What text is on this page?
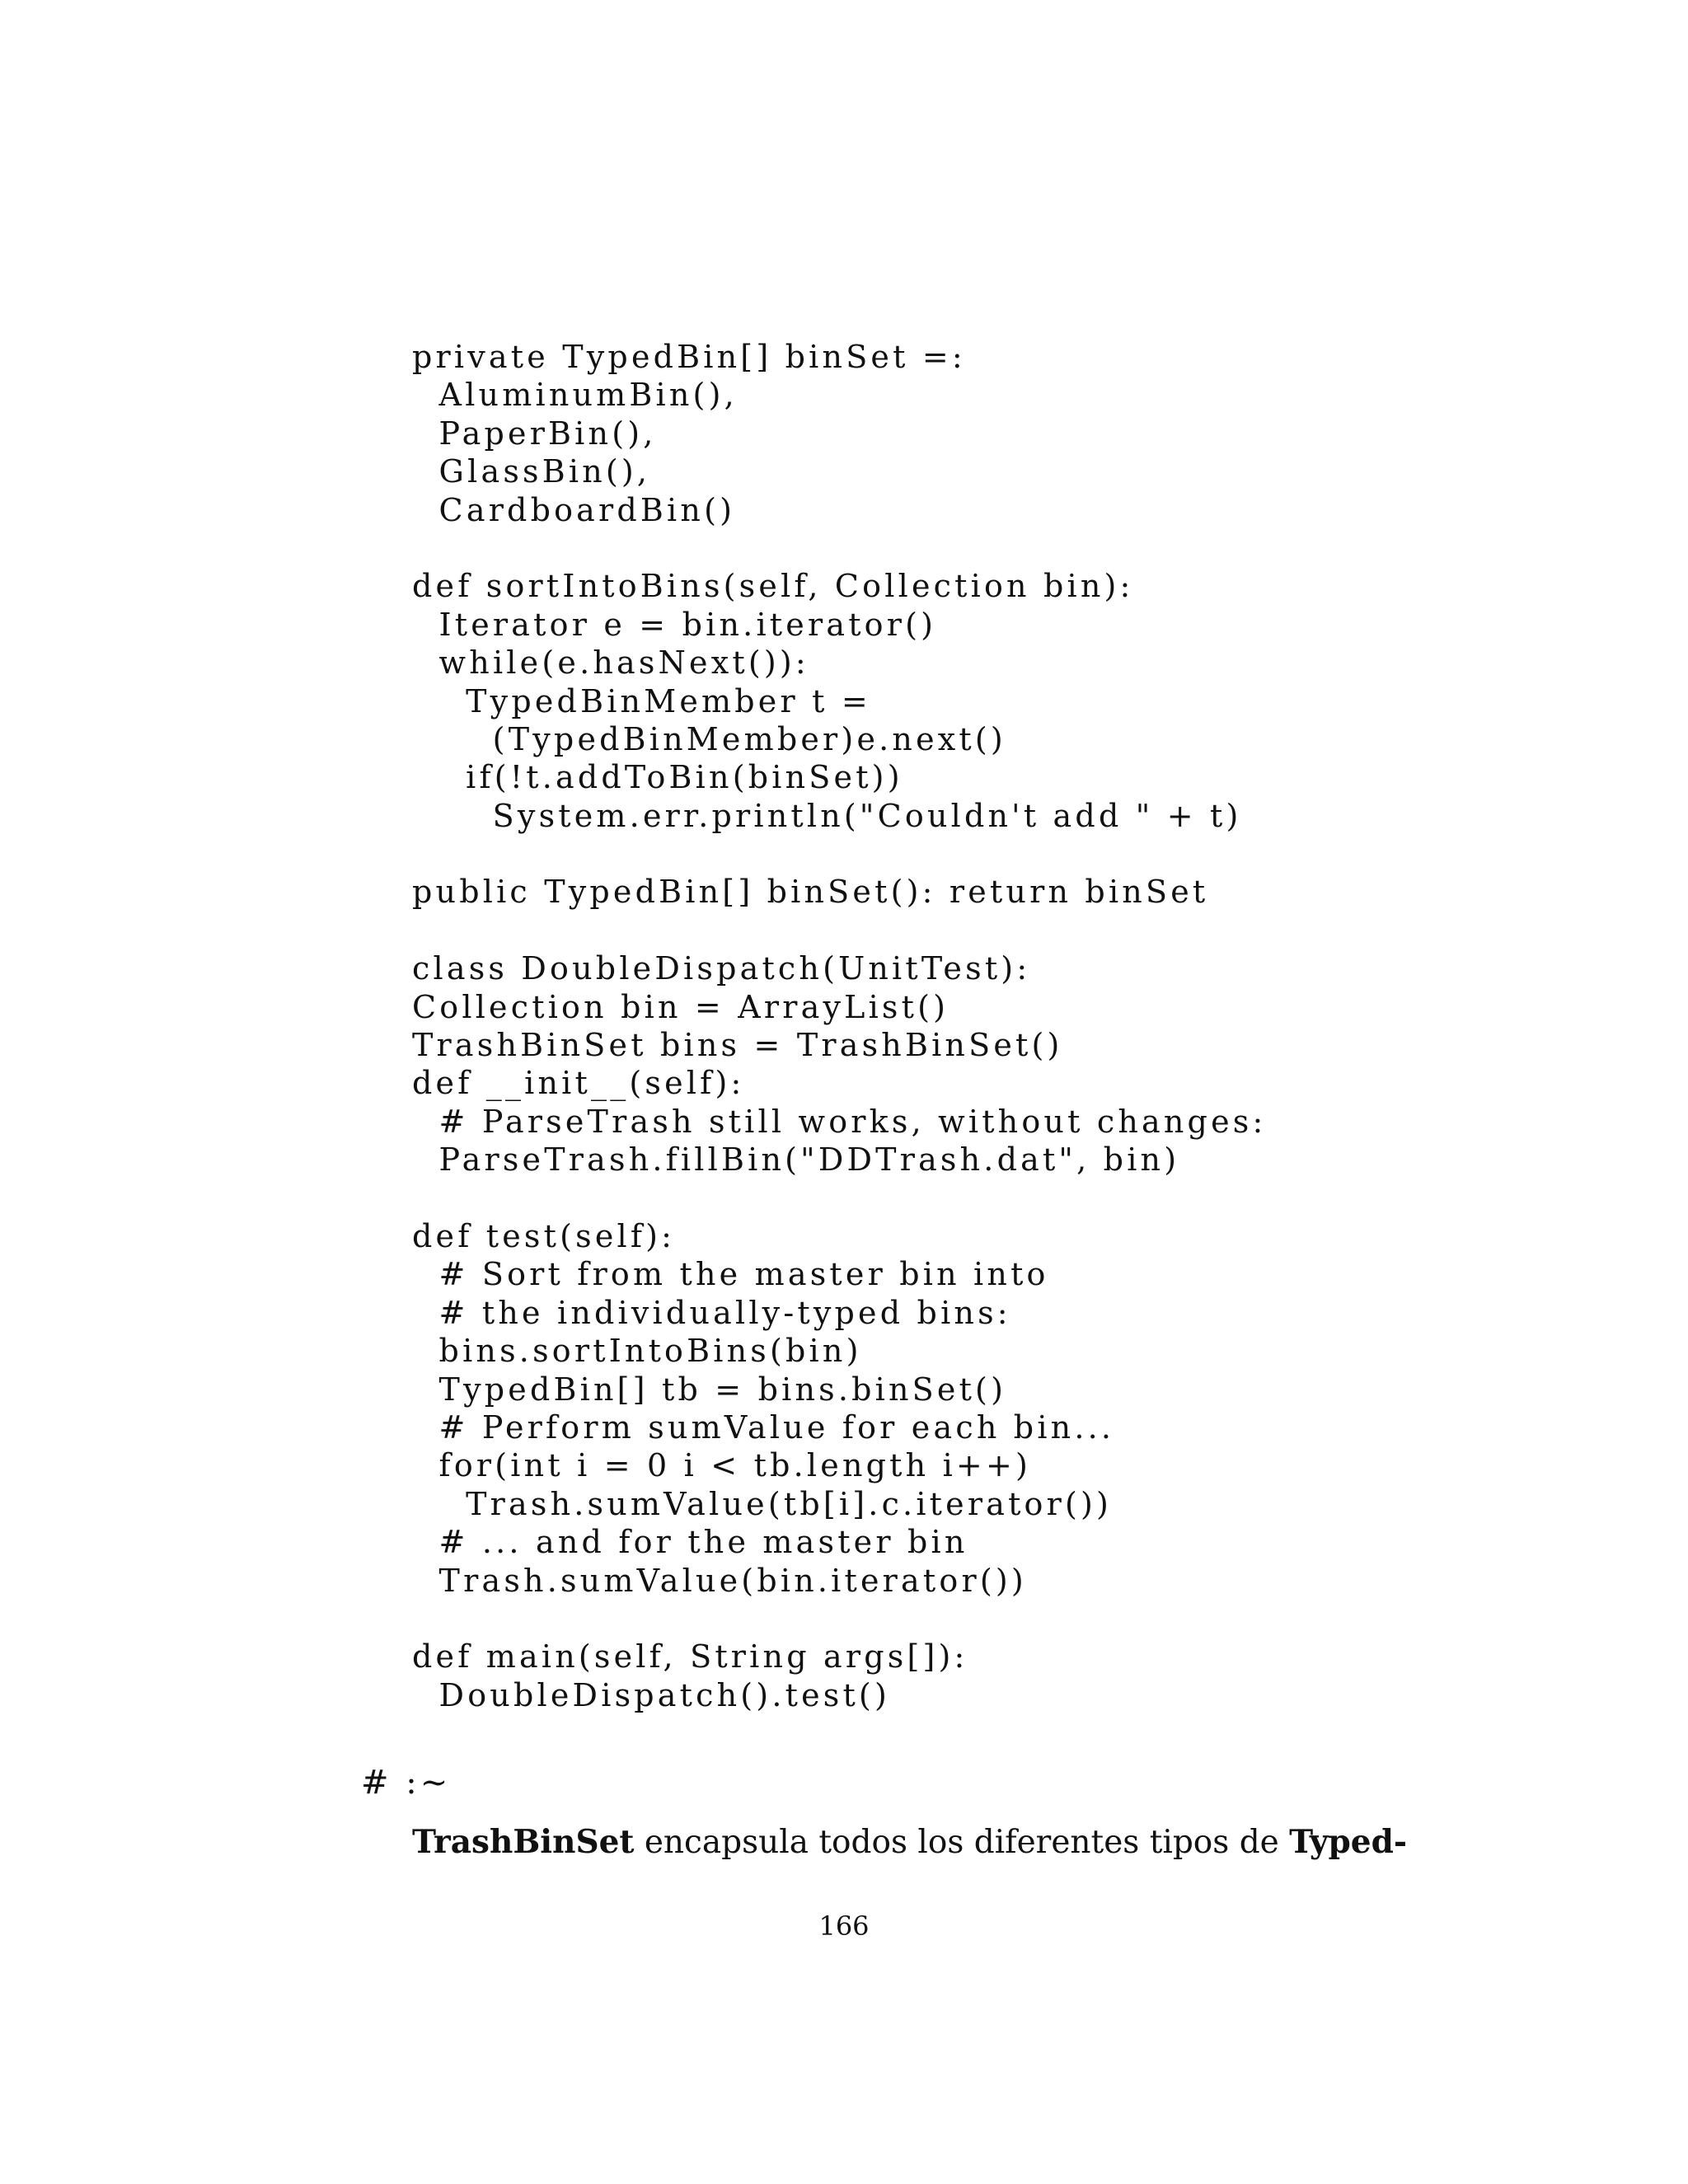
private TypedBin[] binSet =:
AluminumBin(),
PaperBin(),
GlassBin(),
CardboardBin()
def sortIntoBins(self, Collection bin):
Iterator e = bin.iterator()
while(e.hasNext()):
TypedBinMember t =
(TypedBinMember)e.next()
if(!t.addToBin(binSet))
System.err.println("Couldn't add " + t)
public TypedBin[] binSet(): return binSet
class DoubleDispatch(UnitTest):
Collection bin = ArrayList()
TrashBinSet bins = TrashBinSet()
def __init__(self):
# ParseTrash still works, without changes:
ParseTrash.fillBin("DDTrash.dat", bin)
def test(self):
# Sort from the master bin into
# the individually-typed bins:
bins.sortIntoBins(bin)
TypedBin[] tb = bins.binSet()
# Perform sumValue for each bin...
for(int i = 0 i < tb.length i++)
Trash.sumValue(tb[i].c.iterator())
# ... and for the master bin
Trash.sumValue(bin.iterator())
def main(self, String args[]):
DoubleDispatch().test()
# :~
TrashBinSet encapsula todos los diferentes tipos de Typed-
166
